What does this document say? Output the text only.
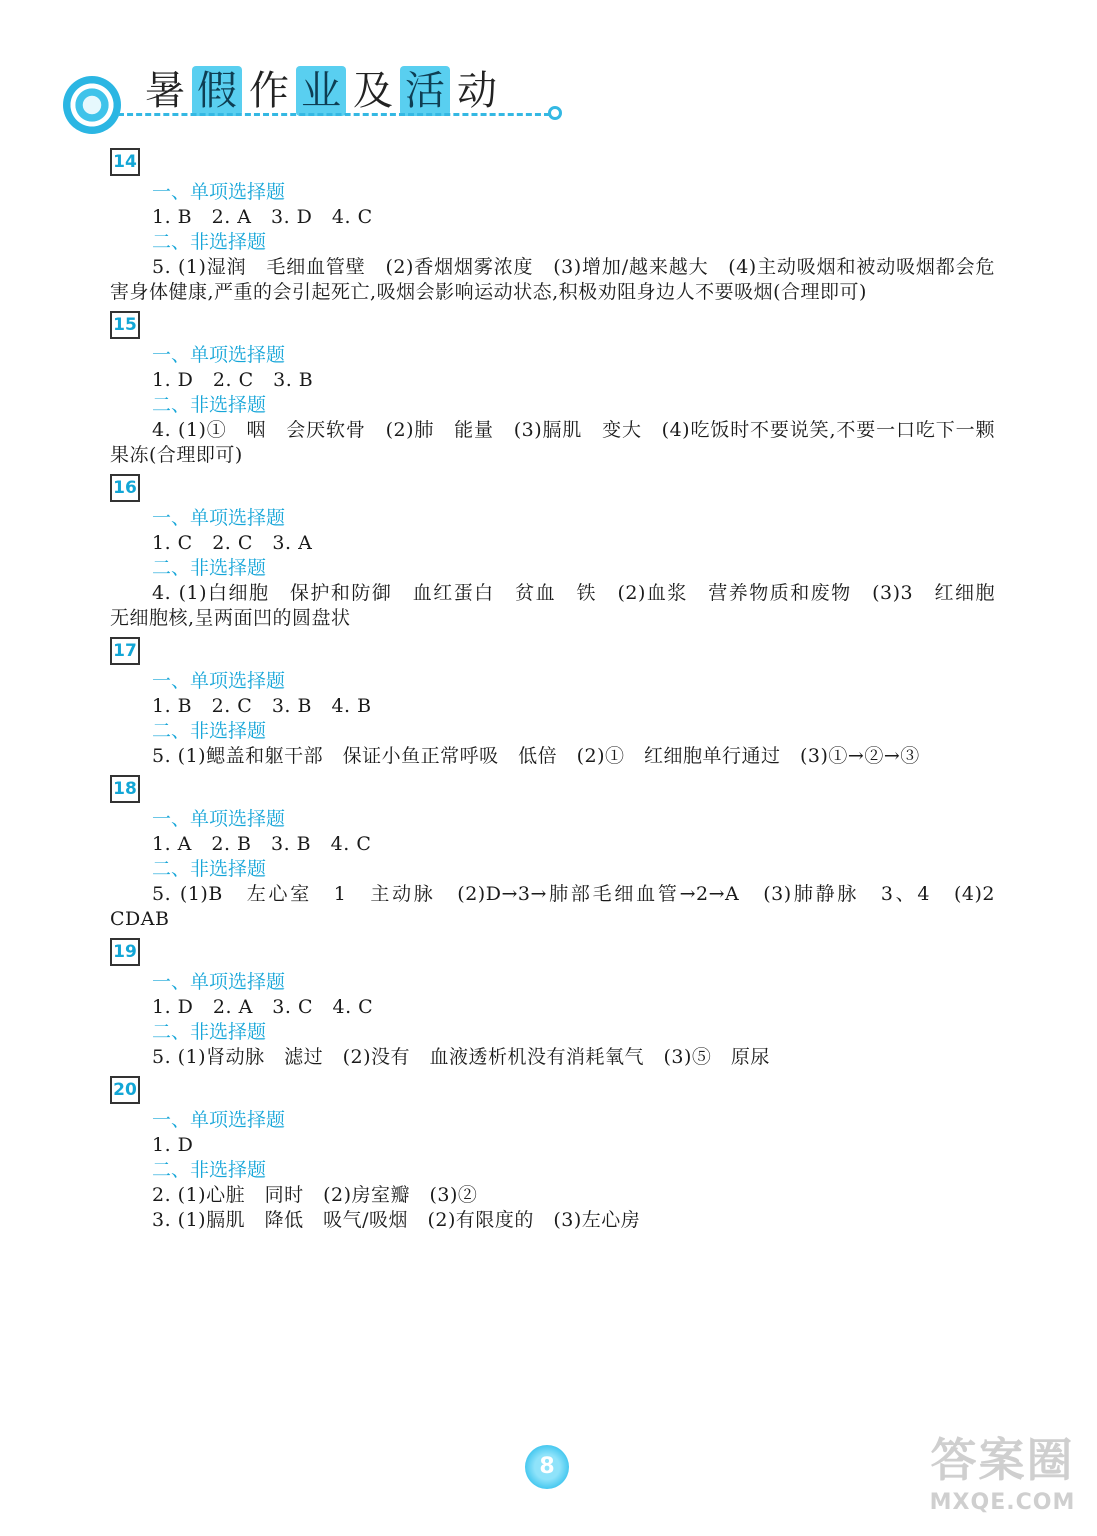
暑 假 作 业 及 活 动
14
一、单项选择题
1. B　2. A　3. D　4. C
二、非选择题
5. (1)湿润　毛细血管壁　(2)香烟烟雾浓度　(3)增加/越来越大　(4)主动吸烟和被动吸烟都会危害身体健康,严重的会引起死亡,吸烟会影响运动状态,积极劝阻身边人不要吸烟(合理即可)
15
一、单项选择题
1. D　2. C　3. B
二、非选择题
4. (1)①　咽　会厌软骨　(2)肺　能量　(3)膈肌　变大　(4)吃饭时不要说笑,不要一口吃下一颗果冻(合理即可)
16
一、单项选择题
1. C　2. C　3. A
二、非选择题
4. (1)白细胞　保护和防御　血红蛋白　贫血　铁　(2)血浆　营养物质和废物　(3)3　红细胞　无细胞核,呈两面凹的圆盘状
17
一、单项选择题
1. B　2. C　3. B　4. B
二、非选择题
5. (1)鳃盖和躯干部　保证小鱼正常呼吸　低倍　(2)①　红细胞单行通过　(3)①→②→③
18
一、单项选择题
1. A　2. B　3. B　4. C
二、非选择题
5. (1)B　左心室　1　主动脉　(2)D→3→肺部毛细血管→2→A　(3)肺静脉　3、4　(4)2　CDAB
19
一、单项选择题
1. D　2. A　3. C　4. C
二、非选择题
5. (1)肾动脉　滤过　(2)没有　血液透析机没有消耗氧气　(3)⑤　原尿
20
一、单项选择题
1. D
二、非选择题
2. (1)心脏　同时　(2)房室瓣　(3)②
3. (1)膈肌　降低　吸气/吸烟　(2)有限度的　(3)左心房
8	答案圈
MXQE.COM
